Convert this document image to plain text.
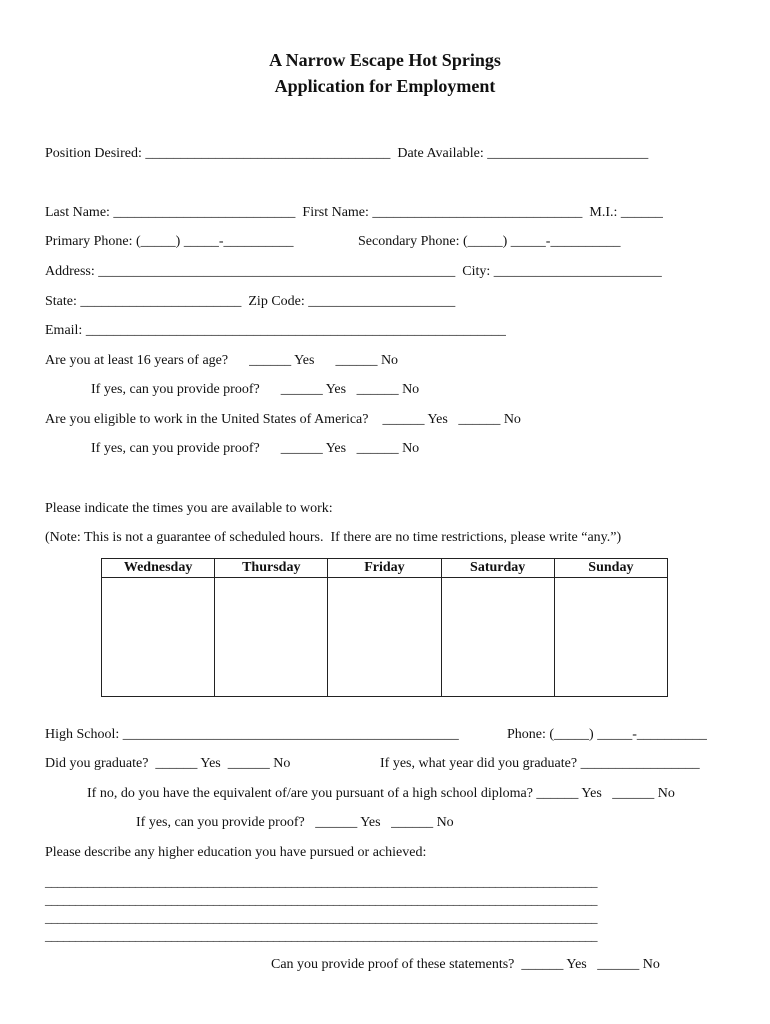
A Narrow Escape Hot Springs
Application for Employment
Position Desired: ___________________________________  Date Available: _______________________
Last Name: __________________________  First Name: ______________________________  M.I.: ______
Primary Phone: (_____) _____-__________	Secondary Phone: (_____) _____-__________
Address: ___________________________________________________  City: ________________________
State: _______________________  Zip Code: _____________________
Email: ____________________________________________________________
Are you at least 16 years of age?      ______ Yes      ______ No
If yes, can you provide proof?      ______ Yes   ______ No
Are you eligible to work in the United States of America?    ______ Yes   ______ No
If yes, can you provide proof?      ______ Yes   ______ No
Please indicate the times you are available to work:
(Note: This is not a guarantee of scheduled hours.  If there are no time restrictions, please write “any.”)
Wednesday	Thursday	Friday	Saturday	Sunday

High School: ________________________________________________	Phone: (_____) _____-__________
Did you graduate?  ______ Yes  ______ No	If yes, what year did you graduate? _________________
If no, do you have the equivalent of/are you pursuant of a high school diploma? ______ Yes   ______ No
If yes, can you provide proof?   ______ Yes   ______ No
Please describe any higher education you have pursued or achieved:
____________________________________________________________________________________________
____________________________________________________________________________________________
____________________________________________________________________________________________
____________________________________________________________________________________________
Can you provide proof of these statements?  ______ Yes   ______ No
